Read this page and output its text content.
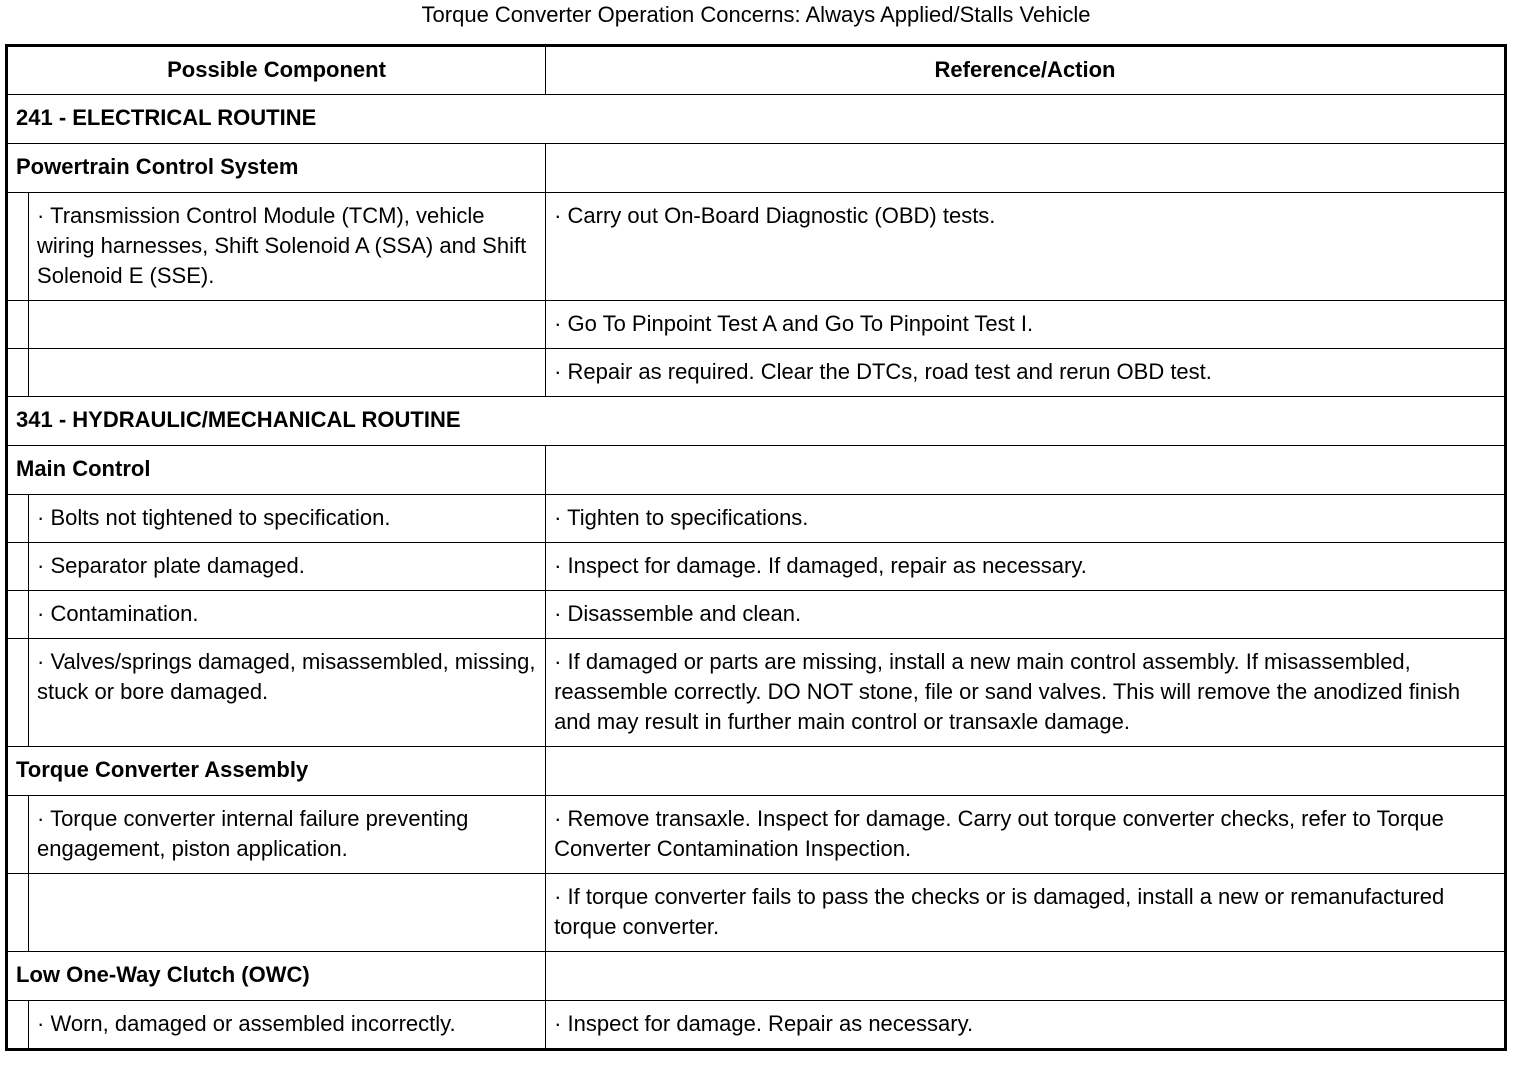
Torque Converter Operation Concerns: Always Applied/Stalls Vehicle
Possible Component		Reference/Action
241 - ELECTRICAL ROUTINE		
Powertrain Control System		
	· Transmission Control Module (TCM), vehicle wiring harnesses, Shift Solenoid A (SSA) and Shift Solenoid E (SSE).	· Carry out On-Board Diagnostic (OBD) tests.
		· Go To Pinpoint Test A and Go To Pinpoint Test I.
		· Repair as required. Clear the DTCs, road test and rerun OBD test.
341 - HYDRAULIC/MECHANICAL ROUTINE		
Main Control		
	· Bolts not tightened to specification.	· Tighten to specifications.
	· Separator plate damaged.	· Inspect for damage. If damaged, repair as necessary.
	· Contamination.	· Disassemble and clean.
	· Valves/springs damaged, misassembled, missing, stuck or bore damaged.	· If damaged or parts are missing, install a new main control assembly. If misassembled, reassemble correctly. DO NOT stone, file or sand valves. This will remove the anodized finish and may result in further main control or transaxle damage.
Torque Converter Assembly		
	· Torque converter internal failure preventing engagement, piston application.	· Remove transaxle. Inspect for damage. Carry out torque converter checks, refer to Torque Converter Contamination Inspection.
		· If torque converter fails to pass the checks or is damaged, install a new or remanufactured torque converter.
Low One-Way Clutch (OWC)		
	· Worn, damaged or assembled incorrectly.	· Inspect for damage. Repair as necessary.
